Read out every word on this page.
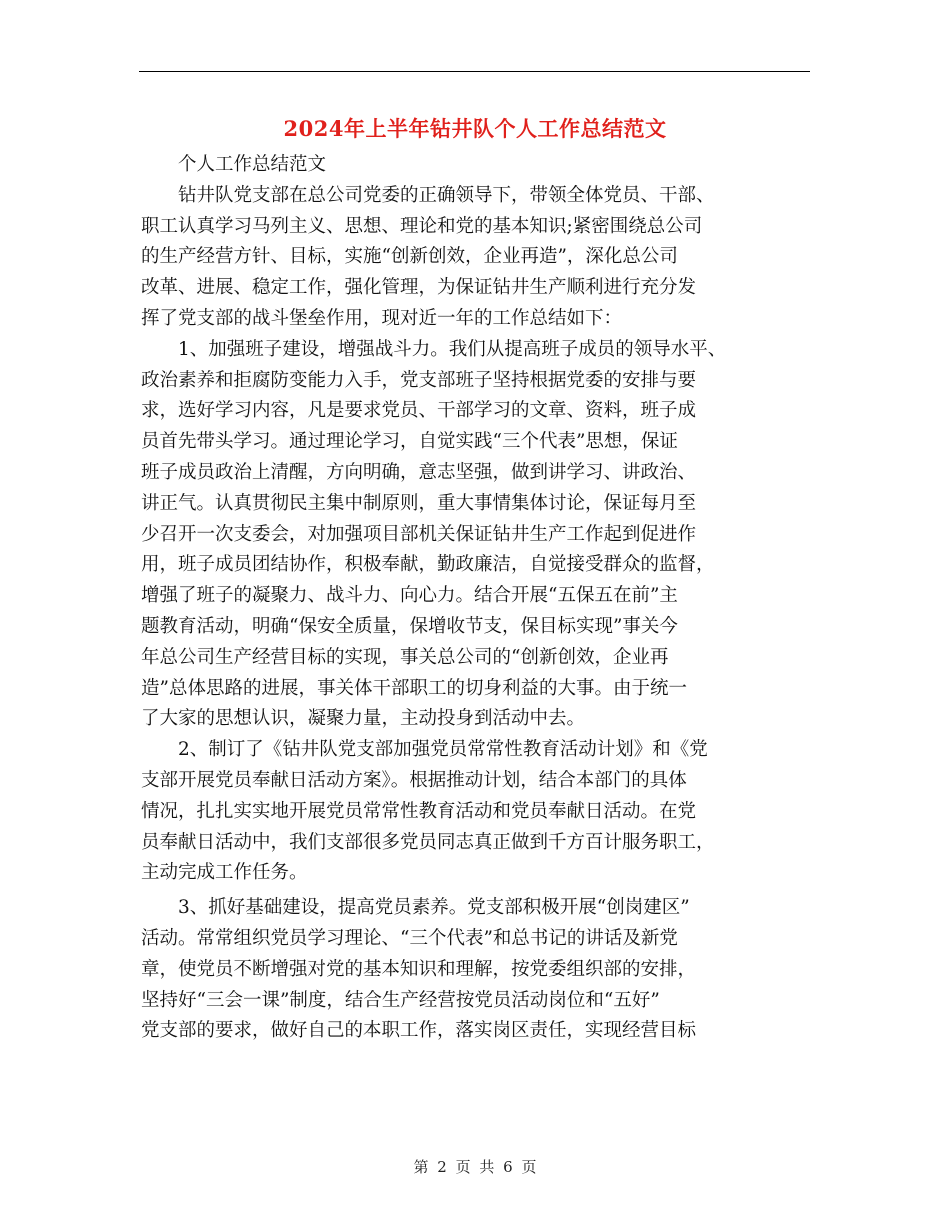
2024年上半年钻井队个人工作总结范文
个人工作总结范文
钻井队党支部在总公司党委的正确领导下，带领全体党员、干部、
职工认真学习马列主义、思想、理论和党的基本知识;紧密围绕总公司
的生产经营方针、目标，实施“创新创效，企业再造”，深化总公司
改革、进展、稳定工作，强化管理，为保证钻井生产顺利进行充分发
挥了党支部的战斗堡垒作用，现对近一年的工作总结如下：
1、加强班子建设，增强战斗力。我们从提高班子成员的领导水平、
政治素养和拒腐防变能力入手，党支部班子坚持根据党委的安排与要
求，选好学习内容，凡是要求党员、干部学习的文章、资料，班子成
员首先带头学习。通过理论学习，自觉实践“三个代表”思想，保证
班子成员政治上清醒，方向明确，意志坚强，做到讲学习、讲政治、
讲正气。认真贯彻民主集中制原则，重大事情集体讨论，保证每月至
少召开一次支委会，对加强项目部机关保证钻井生产工作起到促进作
用，班子成员团结协作，积极奉献，勤政廉洁，自觉接受群众的监督，
增强了班子的凝聚力、战斗力、向心力。结合开展“五保五在前”主
题教育活动，明确“保安全质量，保增收节支，保目标实现”事关今
年总公司生产经营目标的实现，事关总公司的“创新创效，企业再
造”总体思路的进展，事关体干部职工的切身利益的大事。由于统一
了大家的思想认识，凝聚力量，主动投身到活动中去。
2、制订了《钻井队党支部加强党员常常性教育活动计划》和《党
支部开展党员奉献日活动方案》。根据推动计划，结合本部门的具体
情况，扎扎实实地开展党员常常性教育活动和党员奉献日活动。在党
员奉献日活动中，我们支部很多党员同志真正做到千方百计服务职工，
主动完成工作任务。
3、抓好基础建设，提高党员素养。党支部积极开展“创岗建区”
活动。常常组织党员学习理论、“三个代表”和总书记的讲话及新党
章，使党员不断增强对党的基本知识和理解，按党委组织部的安排，
坚持好“三会一课”制度，结合生产经营按党员活动岗位和“五好”
党支部的要求，做好自己的本职工作，落实岗区责任，实现经营目标
第 2 页 共 6 页
